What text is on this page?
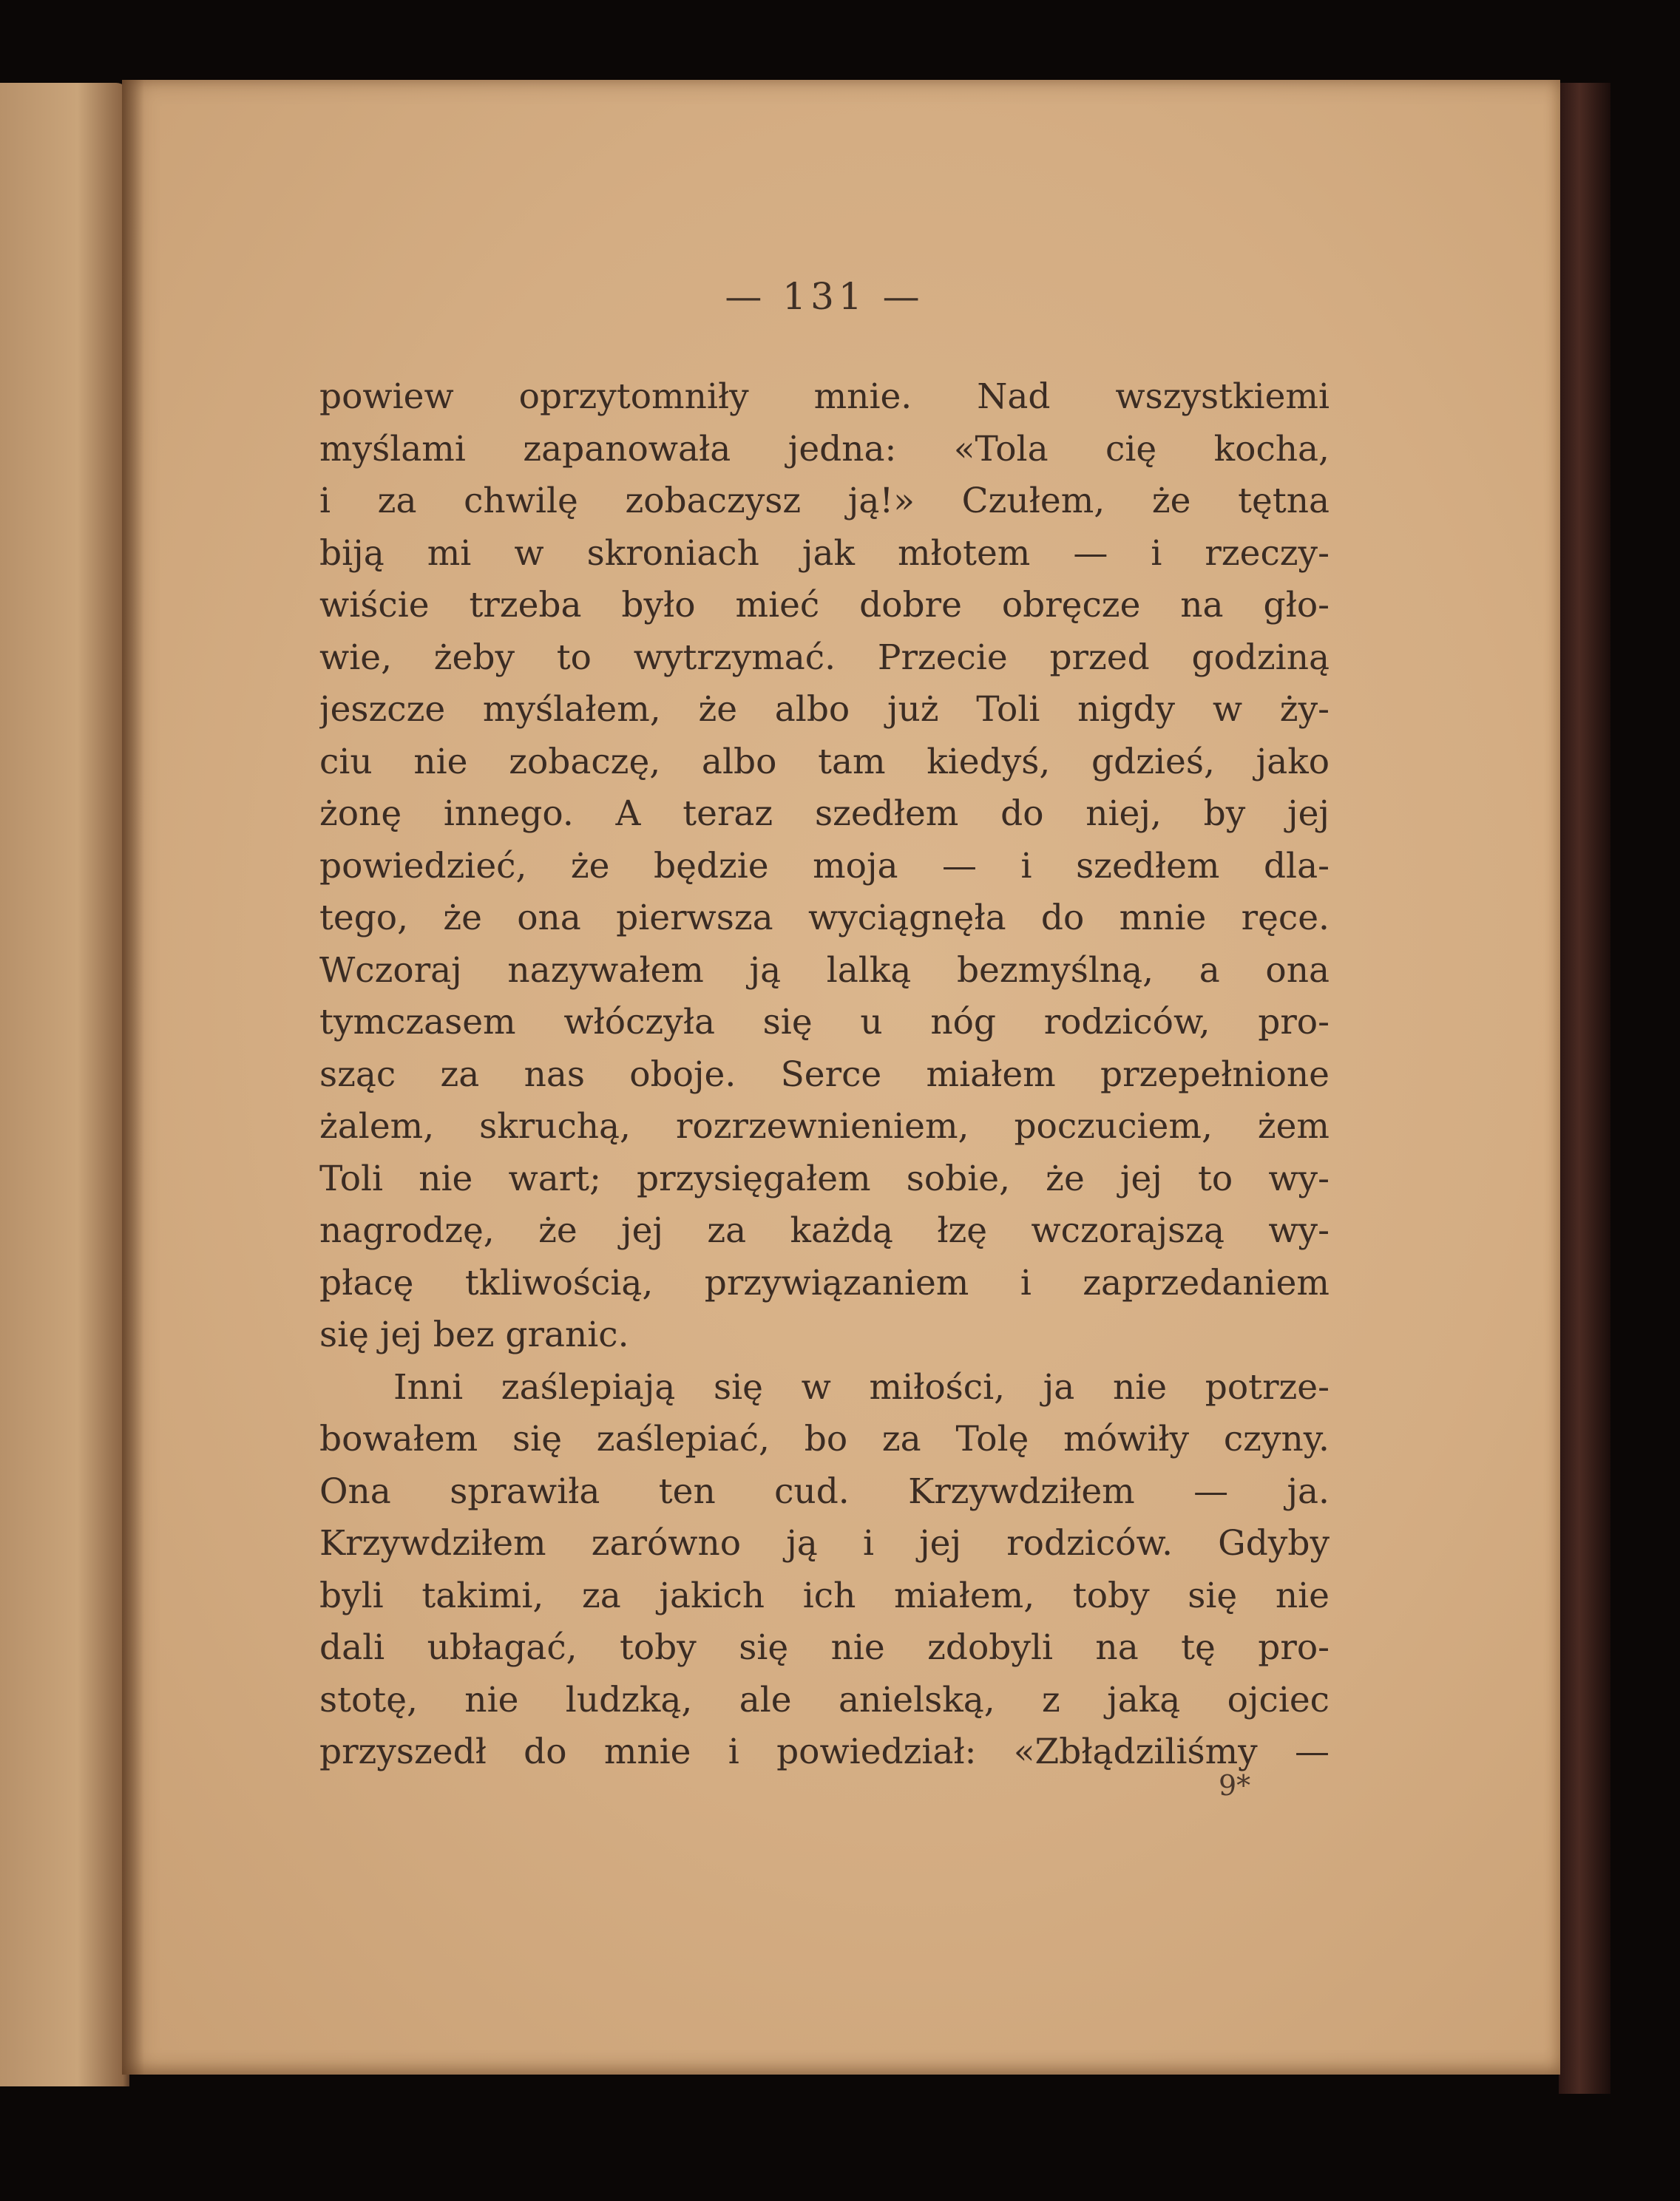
— 131 —
powiew oprzytomniły mnie. Nad wszystkiemi
myślami zapanowała jedna: «Tola cię kocha,
i za chwilę zobaczysz ją!» Czułem, że tętna
biją mi w skroniach jak młotem — i rzeczy-
wiście trzeba było mieć dobre obręcze na gło-
wie, żeby to wytrzymać. Przecie przed godziną
jeszcze myślałem, że albo już Toli nigdy w ży-
ciu nie zobaczę, albo tam kiedyś, gdzieś, jako
żonę innego. A teraz szedłem do niej, by jej
powiedzieć, że będzie moja — i szedłem dla-
tego, że ona pierwsza wyciągnęła do mnie ręce.
Wczoraj nazywałem ją lalką bezmyślną, a ona
tymczasem włóczyła się u nóg rodziców, pro-
sząc za nas oboje. Serce miałem przepełnione
żalem, skruchą, rozrzewnieniem, poczuciem, żem
Toli nie wart; przysięgałem sobie, że jej to wy-
nagrodzę, że jej za każdą łzę wczorajszą wy-
płacę tkliwością, przywiązaniem i zaprzedaniem
się jej bez granic.
Inni zaślepiają się w miłości, ja nie potrze-
bowałem się zaślepiać, bo za Tolę mówiły czyny.
Ona sprawiła ten cud. Krzywdziłem — ja.
Krzywdziłem zarówno ją i jej rodziców. Gdyby
byli takimi, za jakich ich miałem, toby się nie
dali ubłagać, toby się nie zdobyli na tę pro-
stotę, nie ludzką, ale anielską, z jaką ojciec
przyszedł do mnie i powiedział: «Zbłądziliśmy —
9*
